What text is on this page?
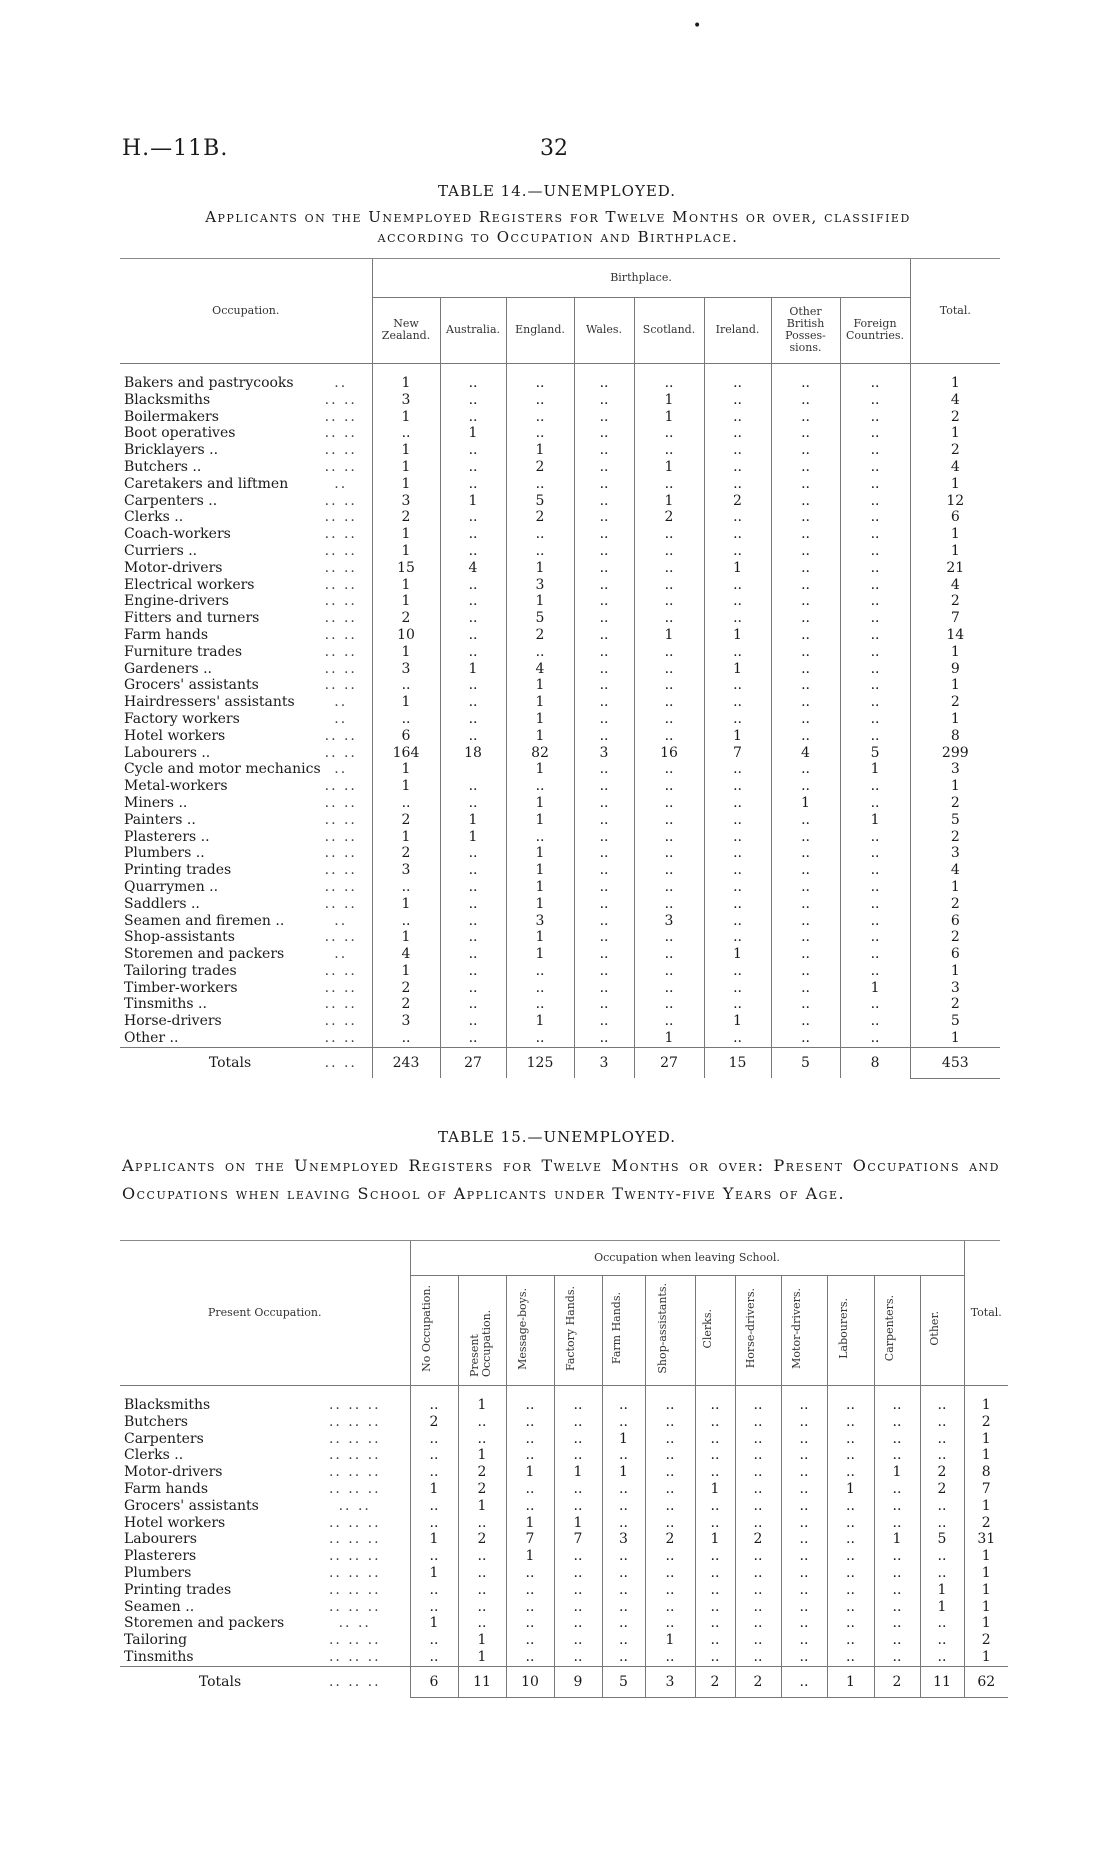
•
H.—11B.	32
TABLE 14.—UNEMPLOYED.
Applicants on the Unemployed Registers for Twelve Months or over, classified
according to Occupation and Birthplace.
Occupation.		Birthplace.								Total.
		New
Zealand.	Australia.	England.	Wales.	Scotland.	Ireland.	Other
British
Posses-
sions.	Foreign
Countries.	

Bakers and pastrycooks	..	1	..	..	..	..	..	..	..	1
Blacksmiths	.. ..	3	..	..	..	1	..	..	..	4
Boilermakers	.. ..	1	..	..	..	1	..	..	..	2
Boot operatives	.. ..	..	1	..	..	..	..	..	..	1
Bricklayers ..	.. ..	1	..	1	..	..	..	..	..	2
Butchers ..	.. ..	1	..	2	..	1	..	..	..	4
Caretakers and liftmen	..	1	..	..	..	..	..	..	..	1
Carpenters ..	.. ..	3	1	5	..	1	2	..	..	12
Clerks ..	.. ..	2	..	2	..	2	..	..	..	6
Coach-workers	.. ..	1	..	..	..	..	..	..	..	1
Curriers ..	.. ..	1	..	..	..	..	..	..	..	1
Motor-drivers	.. ..	15	4	1	..	..	1	..	..	21
Electrical workers	.. ..	1	..	3	..	..	..	..	..	4
Engine-drivers	.. ..	1	..	1	..	..	..	..	..	2
Fitters and turners	.. ..	2	..	5	..	..	..	..	..	7
Farm hands	.. ..	10	..	2	..	1	1	..	..	14
Furniture trades	.. ..	1	..	..	..	..	..	..	..	1
Gardeners ..	.. ..	3	1	4	..	..	1	..	..	9
Grocers' assistants	.. ..	..	..	1	..	..	..	..	..	1
Hairdressers' assistants	..	1	..	1	..	..	..	..	..	2
Factory workers	..	..	..	1	..	..	..	..	..	1
Hotel workers	.. ..	6	..	1	..	..	1	..	..	8
Labourers ..	.. ..	164	18	82	3	16	7	4	5	299
Cycle and motor mechanics	..	1		1	..	..	..	..	1	3
Metal-workers	.. ..	1	..	..	..	..	..	..	..	1
Miners ..	.. ..	..	..	1	..	..	..	1	..	2
Painters ..	.. ..	2	1	1	..	..	..	..	1	5
Plasterers ..	.. ..	1	1	..	..	..	..	..	..	2
Plumbers ..	.. ..	2	..	1	..	..	..	..	..	3
Printing trades	.. ..	3	..	1	..	..	..	..	..	4
Quarrymen ..	.. ..	..	..	1	..	..	..	..	..	1
Saddlers ..	.. ..	1	..	1	..	..	..	..	..	2
Seamen and firemen ..	..	..	..	3	..	3	..	..	..	6
Shop-assistants	.. ..	1	..	1	..	..	..	..	..	2
Storemen and packers	..	4	..	1	..	..	1	..	..	6
Tailoring trades	.. ..	1	..	..	..	..	..	..	..	1
Timber-workers	.. ..	2	..	..	..	..	..	..	1	3
Tinsmiths ..	.. ..	2	..	..	..	..	..	..	..	2
Horse-drivers	.. ..	3	..	1	..	..	1	..	..	5
Other ..	.. ..	..	..	..	..	1	..	..	..	1
Totals	.. ..	243	27	125	3	27	15	5	8	453
TABLE 15.—UNEMPLOYED.
Applicants on the Unemployed Registers for Twelve Months or over: Present Occupations and Occupations when leaving School of Applicants under Twenty-five Years of Age.
Present Occupation.		Occupation when leaving School.												Total.
		No Occupation.	Present Occupation.	Message-boys.	Factory Hands.	Farm Hands.	Shop-assistants.	Clerks.	Horse-drivers.	Motor-drivers.	Labourers.	Carpenters.	Other.	

Blacksmiths	.. .. ..	..	1	..	..	..	..	..	..	..	..	..	..	1
Butchers	.. .. ..	2	..	..	..	..	..	..	..	..	..	..	..	2
Carpenters	.. .. ..	..	..	..	..	1	..	..	..	..	..	..	..	1
Clerks ..	.. .. ..	..	1	..	..	..	..	..	..	..	..	..	..	1
Motor-drivers	.. .. ..	..	2	1	1	1	..	..	..	..	..	1	2	8
Farm hands	.. .. ..	1	2	..	..	..	..	1	..	..	1	..	2	7
Grocers' assistants	.. ..	..	1	..	..	..	..	..	..	..	..	..	..	1
Hotel workers	.. .. ..	..	..	1	1	..	..	..	..	..	..	..	..	2
Labourers	.. .. ..	1	2	7	7	3	2	1	2	..	..	1	5	31
Plasterers	.. .. ..	..	..	1	..	..	..	..	..	..	..	..	..	1
Plumbers	.. .. ..	1	..	..	..	..	..	..	..	..	..	..	..	1
Printing trades	.. .. ..	..	..	..	..	..	..	..	..	..	..	..	1	1
Seamen ..	.. .. ..	..	..	..	..	..	..	..	..	..	..	..	1	1
Storemen and packers	.. ..	1	..	..	..	..	..	..	..	..	..	..	..	1
Tailoring	.. .. ..	..	1	..	..	..	1	..	..	..	..	..	..	2
Tinsmiths	.. .. ..	..	1	..	..	..	..	..	..	..	..	..	..	1
Totals	.. .. ..	6	11	10	9	5	3	2	2	..	1	2	11	62
